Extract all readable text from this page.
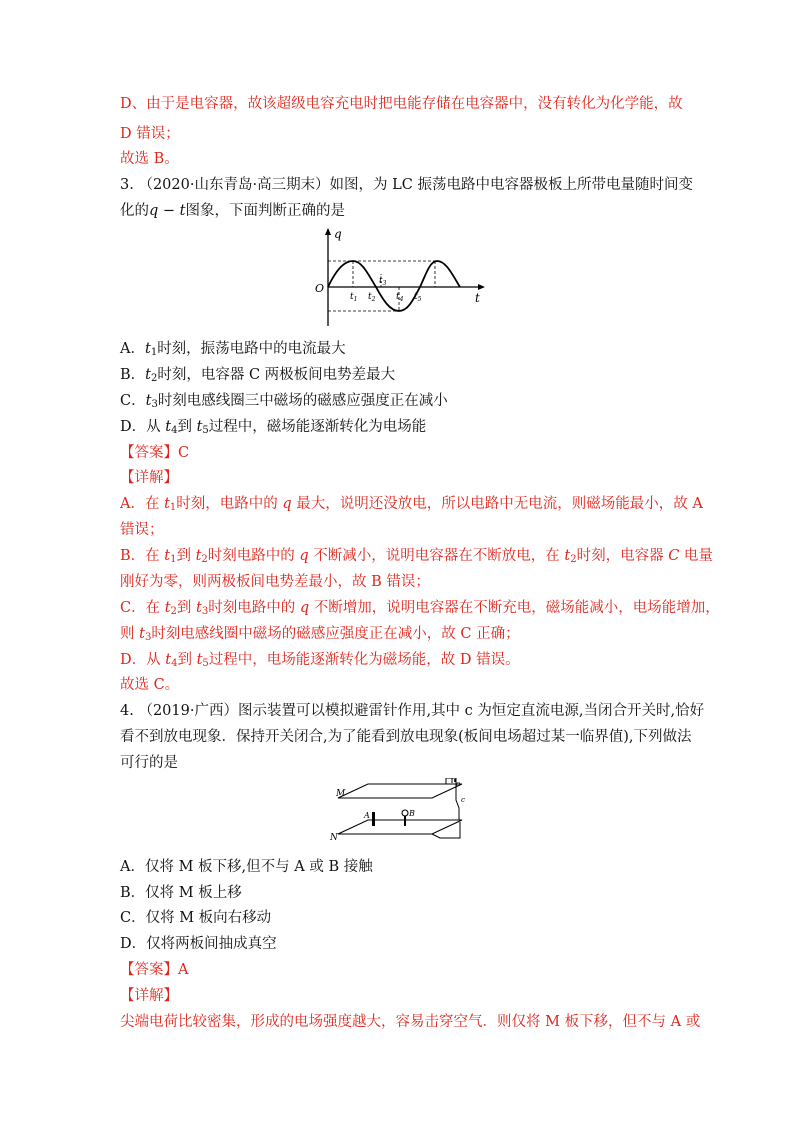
D、由于是电容器，故该超级电容充电时把电能存储在电容器中，没有转化为化学能，故
D 错误；
故选 B。
3. （2020·山东青岛·高三期末）如图，为 LC 振荡电路中电容器极板上所带电量随时间变
化的q − t图象，下面判断正确的是
q
O
t
$t_1$ $t_2$
$t_3$
$t_4$ $t_5$
A．$t_1$时刻，振荡电路中的电流最大
B．$t_2$时刻，电容器 C 两极板间电势差最大
C．$t_3$时刻电感线圈三中磁场的磁感应强度正在减小
D．从 $t_4$到 $t_5$过程中，磁场能逐渐转化为电场能
【答案】C
【详解】
A．在 $t_1$时刻，电路中的 q 最大，说明还没放电，所以电路中无电流，则磁场能最小，故 A
错误；
B．在 $t_1$到 $t_2$时刻电路中的 q 不断减小，说明电容器在不断放电，在 $t_2$时刻，电容器 C 电量
刚好为零，则两极板间电势差最小，故 B 错误；
C．在 $t_2$到 $t_3$时刻电路中的 q 不断增加，说明电容器在不断充电，磁场能减小，电场能增加，
则 $t_3$时刻电感线圈中磁场的磁感应强度正在减小，故 C 正确；
D．从 $t_4$到 $t_5$过程中，电场能逐渐转化为磁场能，故 D 错误。
故选 C。
4. （2019·广西）图示装置可以模拟避雷针作用,其中 c 为恒定直流电源,当闭合开关时,恰好
看不到放电现象．保持开关闭合,为了能看到放电现象(板间电场超过某一临界值),下列做法
可行的是
M
N
A	B
e
c
A．仅将 M 板下移,但不与 A 或 B 接触
B．仅将 M 板上移
C．仅将 M 板向右移动
D．仅将两板间抽成真空
【答案】A
【详解】
尖端电荷比较密集，形成的电场强度越大，容易击穿空气．则仅将 M 板下移，但不与 A 或
